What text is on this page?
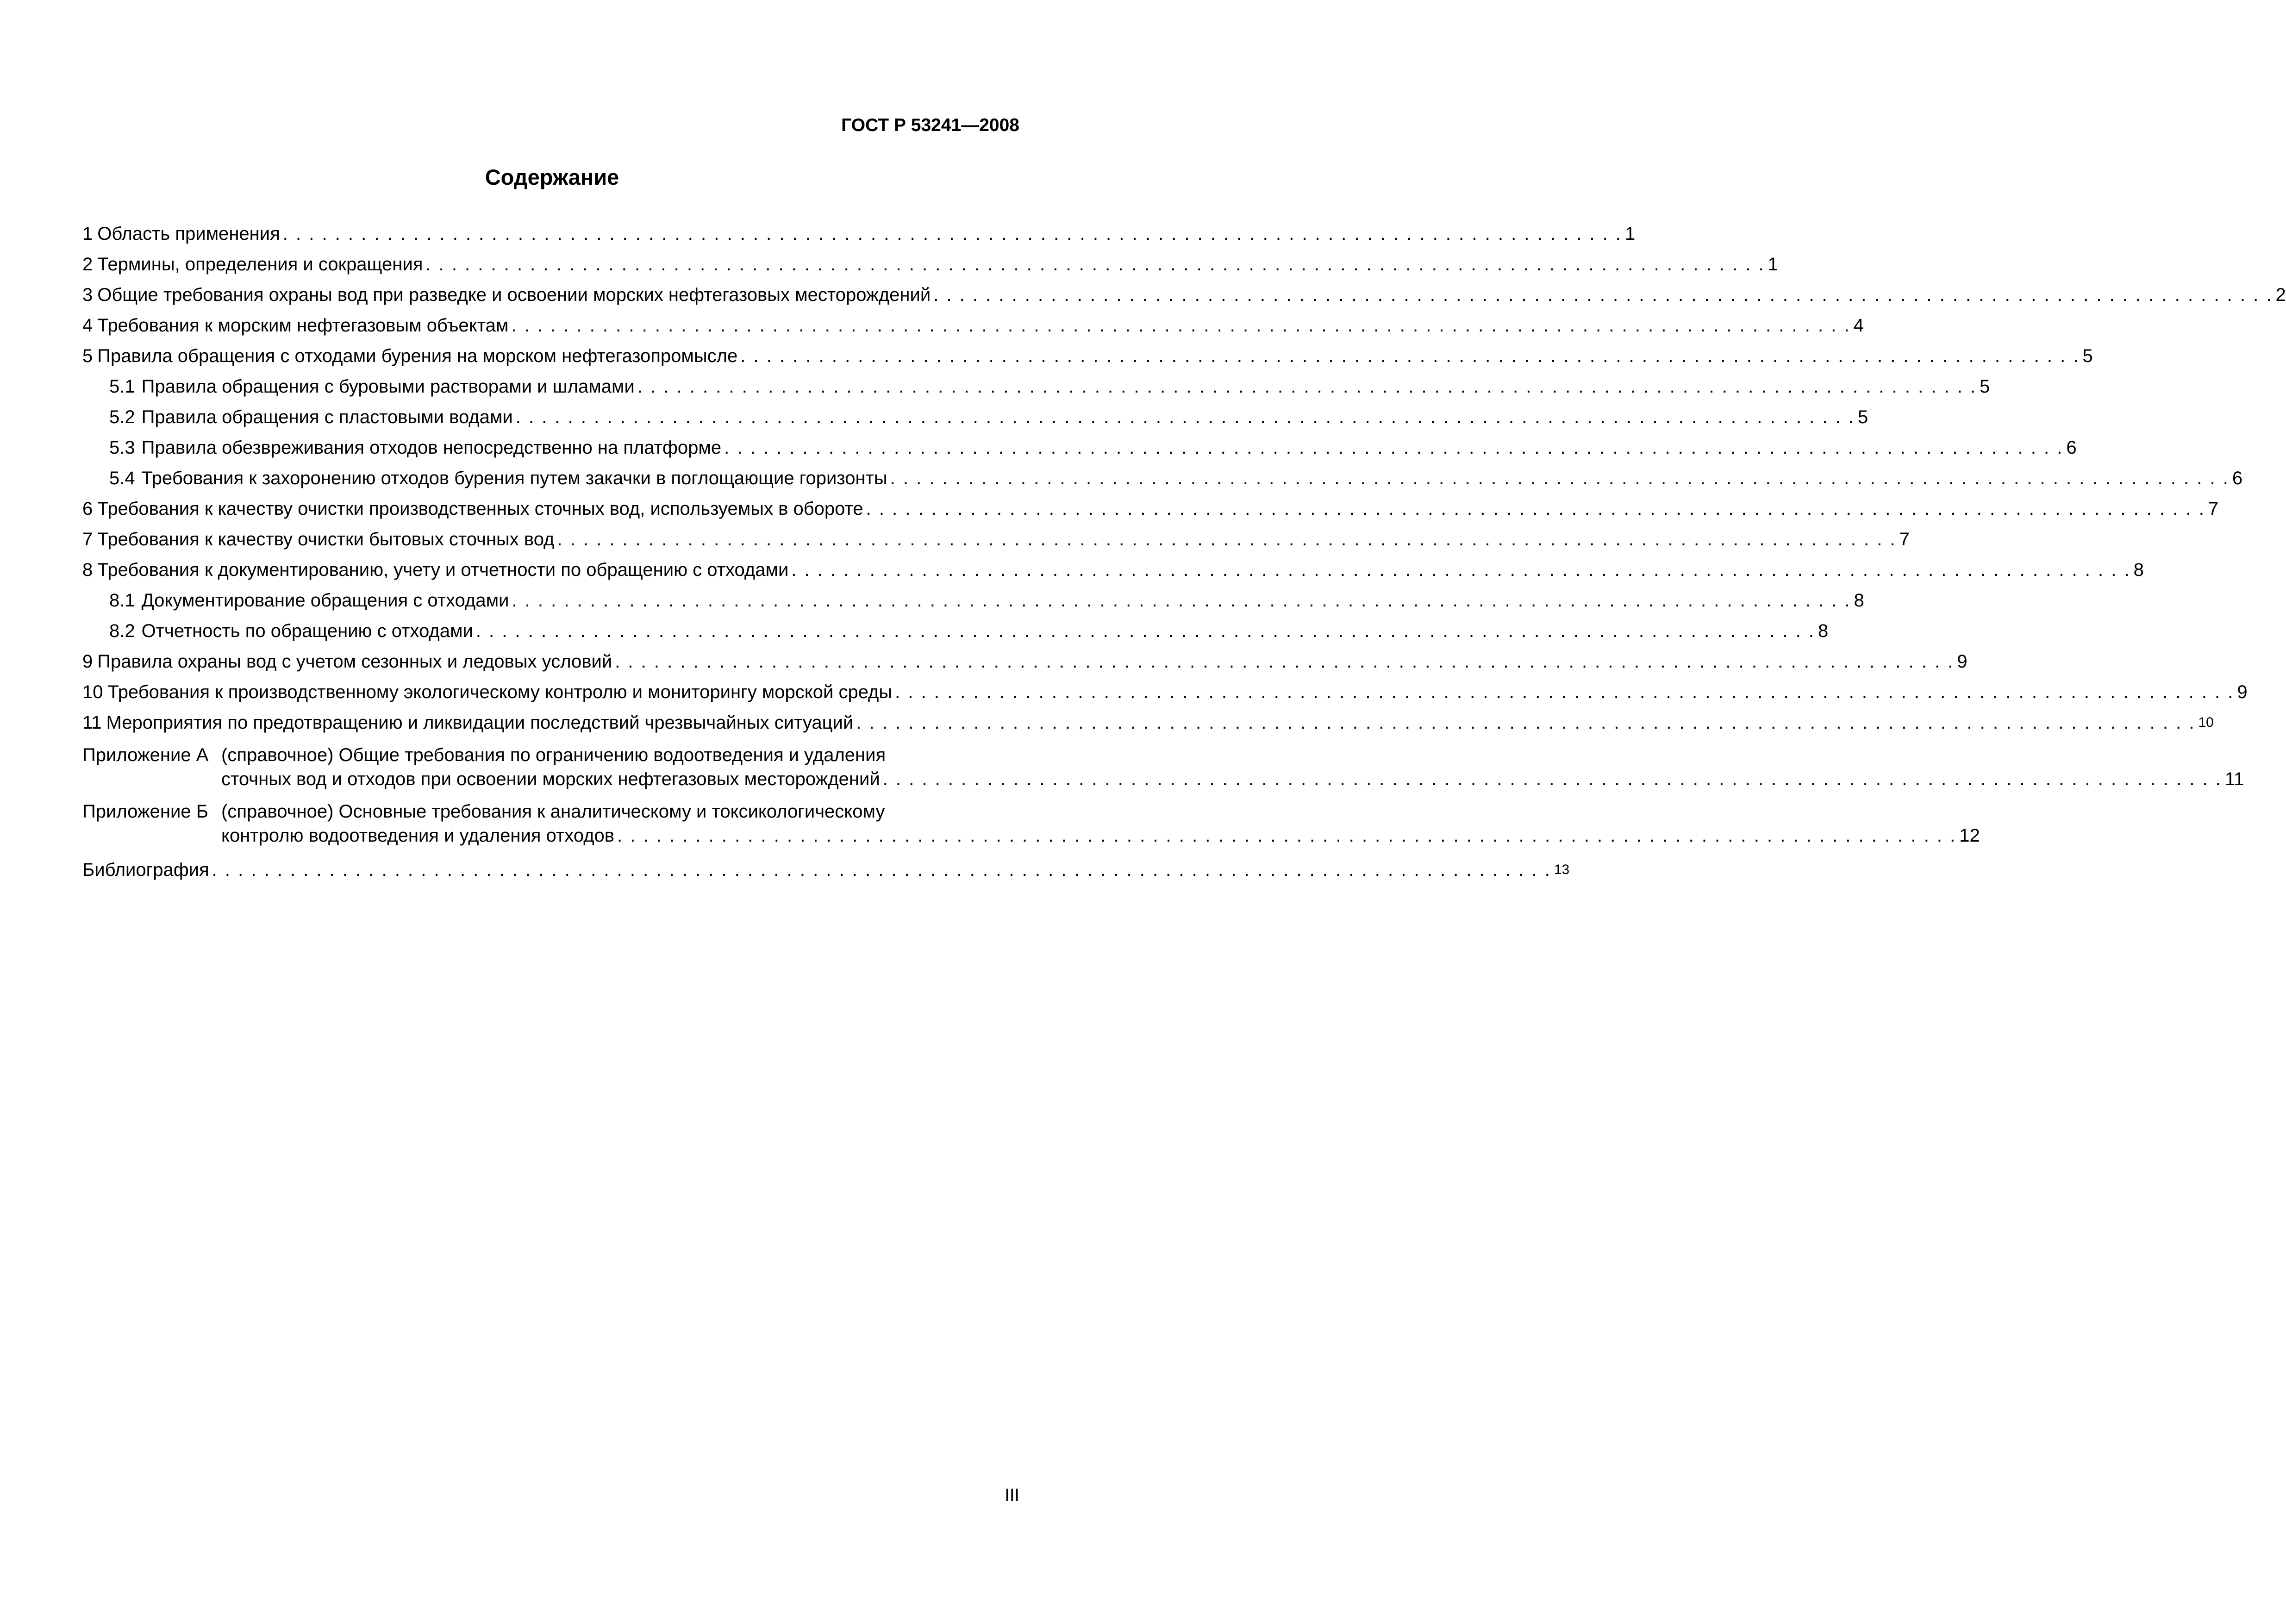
ГОСТ Р 53241—2008
Содержание
1 Область применения . . .	1
2 Термины, определения и сокращения . . .	1
3 Общие требования охраны вод при разведке и освоении морских нефтегазовых месторождений . . .	2
4 Требования к морским нефтегазовым объектам . . .	4
5 Правила обращения с отходами бурения на морском нефтегазопромысле . . .	5
5.1 Правила обращения с буровыми растворами и шламами . . .	5
5.2 Правила обращения с пластовыми водами . . .	5
5.3 Правила обезвреживания отходов непосредственно на платформе . . .	6
5.4 Требования к захоронению отходов бурения путем закачки в поглощающие горизонты . . .	6
6 Требования к качеству очистки производственных сточных вод, используемых в обороте . . .	7
7 Требования к качеству очистки бытовых сточных вод . . .	7
8 Требования к документированию, учету и отчетности по обращению с отходами . . .	8
8.1 Документирование обращения с отходами . . .	8
8.2 Отчетность по обращению с отходами . . .	8
9 Правила охраны вод с учетом сезонных и ледовых условий . . .	9
10 Требования к производственному экологическому контролю и мониторингу морской среды . . .	9
11 Мероприятия по предотвращению и ликвидации последствий чрезвычайных ситуаций . . .	10
Приложение А (справочное) Общие требования по ограничению водоотведения и удаления
сточных вод и отходов при освоении морских нефтегазовых месторождений . . .	11
Приложение Б (справочное) Основные требования к аналитическому и токсикологическому
контролю водоотведения и удаления отходов . . .	12
Библиография . . .	13
III
